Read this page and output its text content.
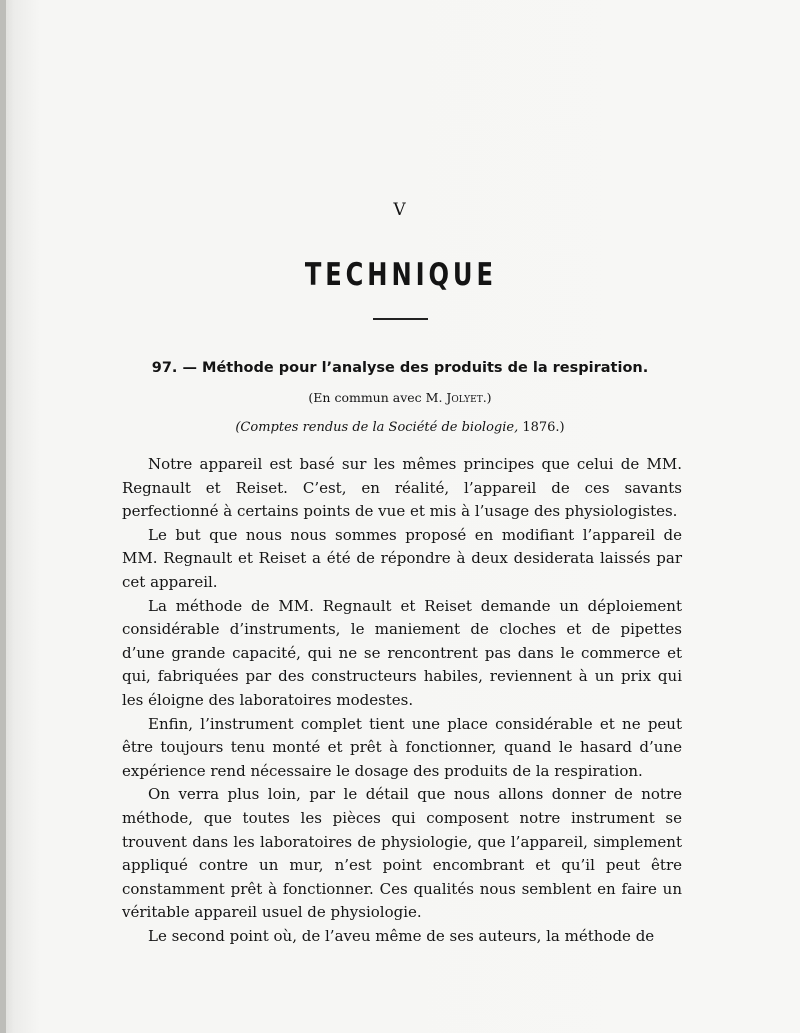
V
TECHNIQUE
97. — Méthode pour l’analyse des produits de la respiration.
(En commun avec M. Jolyet.)
(Comptes rendus de la Société de biologie, 1876.)

Notre appareil est basé sur les mêmes principes que celui de MM. Regnault et Reiset. C’est, en réalité, l’appareil de ces savants perfectionné à certains points de vue et mis à l’usage des physiologistes.

Le but que nous nous sommes proposé en modifiant l’appareil de MM. Regnault et Reiset a été de répondre à deux desiderata laissés par cet appareil.

La méthode de MM. Regnault et Reiset demande un déploiement considérable d’instruments, le maniement de cloches et de pipettes d’une grande capacité, qui ne se rencontrent pas dans le commerce et qui, fabriquées par des constructeurs habiles, reviennent à un prix qui les éloigne des laboratoires modestes.

Enfin, l’instrument complet tient une place considérable et ne peut être toujours tenu monté et prêt à fonctionner, quand le hasard d’une expérience rend nécessaire le dosage des produits de la respiration.

On verra plus loin, par le détail que nous allons donner de notre méthode, que toutes les pièces qui composent notre instrument se trouvent dans les laboratoires de physiologie, que l’appareil, simplement appliqué contre un mur, n’est point encombrant et qu’il peut être constamment prêt à fonctionner. Ces qualités nous semblent en faire un véritable appareil usuel de physiologie.

Le second point où, de l’aveu même de ses auteurs, la méthode de
